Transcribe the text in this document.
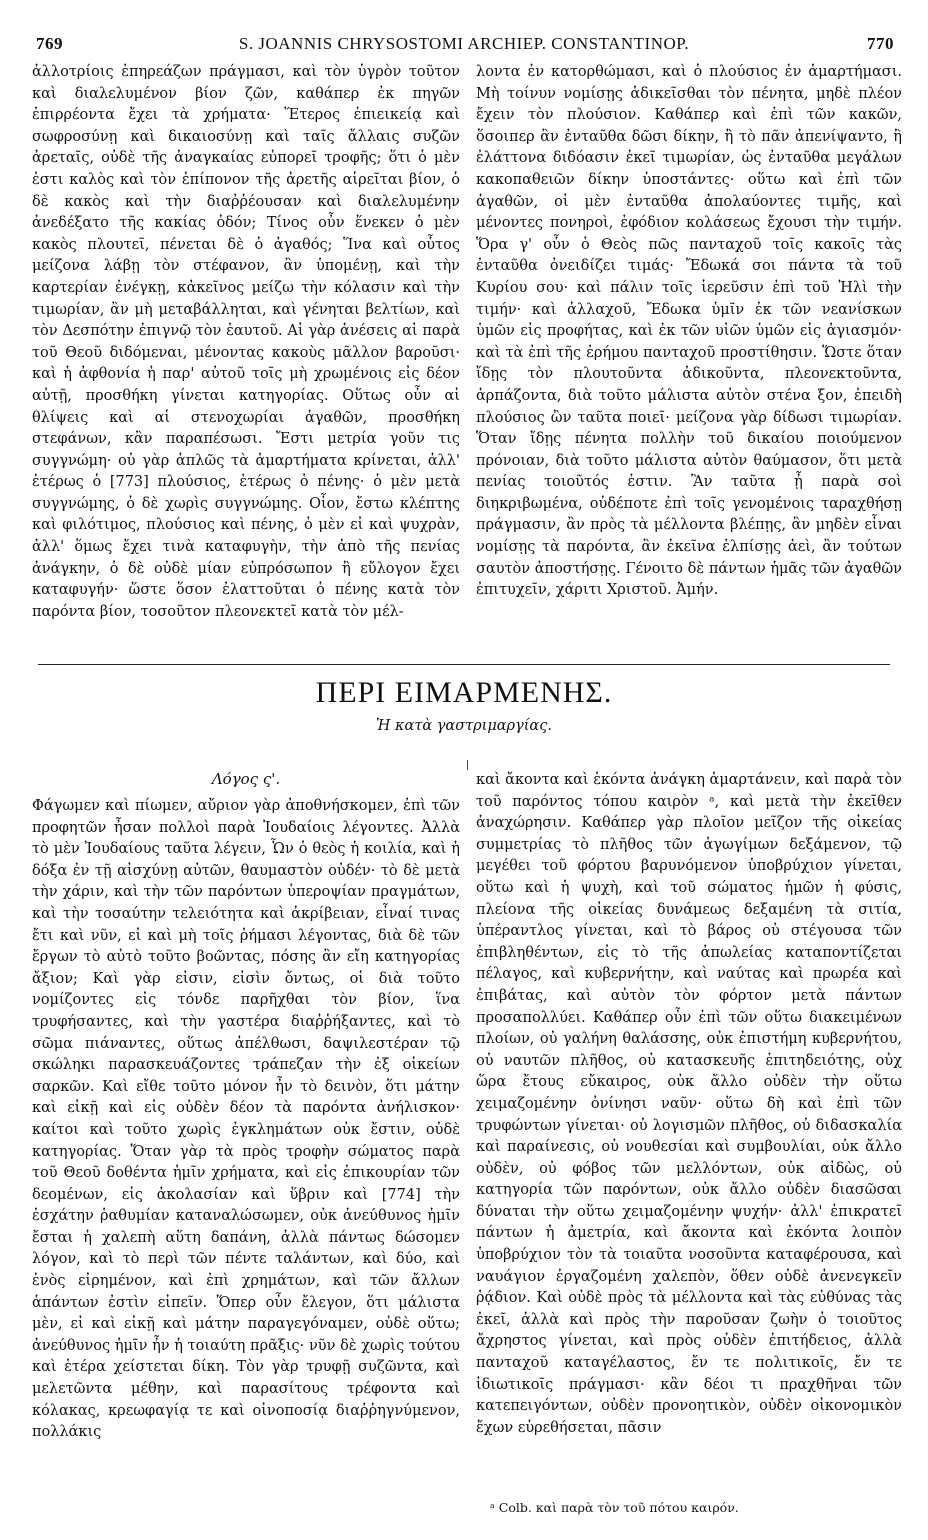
769	S. JOANNIS CHRYSOSTOMI ARCHIEP. CONSTANTINOP.	770

ἀλλοτρίοις ἐπηρεάζων πράγμασι, καὶ τὸν ὑγρὸν τοῦτον καὶ διαλελυμένον βίον ζῶν, καθάπερ ἐκ πηγῶν ἐπιρρέοντα ἔχει τὰ χρήματα· Ἕτερος ἐπιεικείᾳ καὶ σωφροσύνῃ καὶ δικαιοσύνῃ καὶ ταῖς ἄλλαις συζῶν ἀρεταῖς, οὐδὲ τῆς ἀναγκαίας εὐπορεῖ τροφῆς; ὅτι ὁ μὲν ἐστι καλὸς καὶ τὸν ἐπίπονον τῆς ἀρετῆς αἱρεῖται βίον, ὁ δὲ κακὸς καὶ τὴν διαῤῥέουσαν καὶ διαλελυμένην ἀνεδέξατο τῆς κακίας ὁδόν; Τίνος οὖν ἕνεκεν ὁ μὲν κακὸς πλουτεῖ, πένεται δὲ ὁ ἀγαθός; Ἵνα καὶ οὗτος μείζονα λάβῃ τὸν στέφανον, ἂν ὑπομένῃ, καὶ τὴν καρτερίαν ἐνέγκῃ, κἀκεῖνος μείζω τὴν κόλασιν καὶ τὴν τιμωρίαν, ἂν μὴ μεταβάλληται, καὶ γένηται βελτίων, καὶ τὸν Δεσπότην ἐπιγνῷ τὸν ἑαυτοῦ. Αἱ γὰρ ἀνέσεις αἱ παρὰ τοῦ Θεοῦ διδόμεναι, μένοντας κακοὺς μᾶλλον βαροῦσι· καὶ ἡ ἀφθονία ἡ παρ' αὐτοῦ τοῖς μὴ χρωμένοις εἰς δέον αὐτῇ, προσθήκη γίνεται κατηγορίας. Οὕτως οὖν αἱ θλίψεις καὶ αἱ στενοχωρίαι ἀγαθῶν, προσθήκη στεφάνων, κἂν παραπέσωσι. Ἔστι μετρία γοῦν τις συγγνώμη· οὐ γὰρ ἁπλῶς τὰ ἁμαρτήματα κρίνεται, ἀλλ' ἑτέρως ὁ [773] πλούσιος, ἑτέρως ὁ πένης· ὁ μὲν μετὰ συγγνώμης, ὁ δὲ χωρὶς συγγνώμης. Οἷον, ἔστω κλέπτης καὶ φιλότιμος, πλούσιος καὶ πένης, ὁ μὲν εἰ καὶ ψυχρὰν, ἀλλ' ὅμως ἔχει τινὰ καταφυγὴν, τὴν ἀπὸ τῆς πενίας ἀνάγκην, ὁ δὲ οὐδὲ μίαν εὐπρόσωπον ἢ εὔλογον ἔχει καταφυγήν· ὥστε ὅσον ἐλαττοῦται ὁ πένης κατὰ τὸν παρόντα βίον, τοσοῦτον πλεονεκτεῖ κατὰ τὸν μέλ-

λοντα ἐν κατορθώμασι, καὶ ὁ πλούσιος ἐν ἁμαρτήμασι. Μὴ τοίνυν νομίσῃς ἀδικεῖσθαι τὸν πένητα, μηδὲ πλέον ἔχειν τὸν πλούσιον. Καθάπερ καὶ ἐπὶ τῶν κακῶν, ὅσοιπερ ἂν ἐνταῦθα δῶσι δίκην, ἢ τὸ πᾶν ἀπενίψαντο, ἢ ἐλάττονα διδόασιν ἐκεῖ τιμωρίαν, ὡς ἐνταῦθα μεγάλων κακοπαθειῶν δίκην ὑποστάντες· οὕτω καὶ ἐπὶ τῶν ἀγαθῶν, οἱ μὲν ἐνταῦθα ἀπολαύοντες τιμῆς, καὶ μένοντες πονηροὶ, ἐφόδιον κολάσεως ἔχουσι τὴν τιμήν. Ὅρα γ' οὖν ὁ Θεὸς πῶς πανταχοῦ τοῖς κακοῖς τὰς ἐνταῦθα ὀνειδίζει τιμάς· Ἔδωκά σοι πάντα τὰ τοῦ Κυρίου σου· καὶ πάλιν τοῖς ἱερεῦσιν ἐπὶ τοῦ Ἠλὶ τὴν τιμήν· καὶ ἀλλαχοῦ, Ἔδωκα ὑμῖν ἐκ τῶν νεανίσκων ὑμῶν εἰς προφήτας, καὶ ἐκ τῶν υἱῶν ὑμῶν εἰς ἁγιασμόν· καὶ τὰ ἐπὶ τῆς ἐρήμου πανταχοῦ προστίθησιν. Ὥστε ὅταν ἴδῃς τὸν πλουτοῦντα ἀδικοῦντα, πλεονεκτοῦντα, ἁρπάζοντα, διὰ τοῦτο μάλιστα αὐτὸν στένα ξον, ἐπειδὴ πλούσιος ὢν ταῦτα ποιεῖ· μείζονα γὰρ δίδωσι τιμωρίαν. Ὅταν ἴδῃς πένητα πολλὴν τοῦ δικαίου ποιούμενον πρόνοιαν, διὰ τοῦτο μάλιστα αὐτὸν θαύμασον, ὅτι μετὰ πενίας τοιοῦτός ἐστιν. Ἂν ταῦτα ᾖ παρὰ σοὶ διηκριβωμένα, οὐδέποτε ἐπὶ τοῖς γενομένοις ταραχθήσῃ πράγμασιν, ἂν πρὸς τὰ μέλλοντα βλέπῃς, ἂν μηδὲν εἶναι νομίσῃς τὰ παρόντα, ἂν ἐκεῖνα ἐλπίσῃς ἀεὶ, ἂν τούτων σαυτὸν ἀποστήσῃς. Γένοιτο δὲ πάντων ἡμᾶς τῶν ἀγαθῶν ἐπιτυχεῖν, χάριτι Χριστοῦ. Ἀμήν.

ΠΕΡΙ ΕΙΜΑΡΜΕΝΗΣ.
Ἡ κατὰ γαστριμαργίας.
Λόγος ς'.

Φάγωμεν καὶ πίωμεν, αὔριον γὰρ ἀποθνήσκομεν, ἐπὶ τῶν προφητῶν ἦσαν πολλοὶ παρὰ Ἰουδαίοις λέγοντες. Ἀλλὰ τὸ μὲν Ἰουδαίους ταῦτα λέγειν, Ὧν ὁ θεὸς ἡ κοιλία, καὶ ἡ δόξα ἐν τῇ αἰσχύνῃ αὐτῶν, θαυμαστὸν οὐδέν· τὸ δὲ μετὰ τὴν χάριν, καὶ τὴν τῶν παρόντων ὑπεροψίαν πραγμάτων, καὶ τὴν τοσαύτην τελειότητα καὶ ἀκρίβειαν, εἶναί τινας ἔτι καὶ νῦν, εἰ καὶ μὴ τοῖς ῥήμασι λέγοντας, διὰ δὲ τῶν ἔργων τὸ αὐτὸ τοῦτο βοῶντας, πόσης ἂν εἴη κατηγορίας ἄξιον; Καὶ γὰρ εἰσιν, εἰσὶν ὄντως, οἱ διὰ τοῦτο νομίζοντες εἰς τόνδε παρῆχθαι τὸν βίον, ἵνα τρυφήσαντες, καὶ τὴν γαστέρα διαῤῥήξαντες, καὶ τὸ σῶμα πιάναντες, οὕτως ἀπέλθωσι, δαψιλεστέραν τῷ σκώληκι παρασκευάζοντες τράπεζαν τὴν ἐξ οἰκείων σαρκῶν. Καὶ εἴθε τοῦτο μόνον ἦν τὸ δεινὸν, ὅτι μάτην καὶ εἰκῇ καὶ εἰς οὐδὲν δέον τὰ παρόντα ἀνήλισκον· καίτοι καὶ τοῦτο χωρὶς ἐγκλημάτων οὐκ ἔστιν, οὐδὲ κατηγορίας. Ὅταν γὰρ τὰ πρὸς τροφὴν σώματος παρὰ τοῦ Θεοῦ δοθέντα ἡμῖν χρήματα, καὶ εἰς ἐπικουρίαν τῶν δεομένων, εἰς ἀκολασίαν καὶ ὕβριν καὶ [774] τὴν ἐσχάτην ῥαθυμίαν καταναλώσωμεν, οὐκ ἀνεύθυνος ἡμῖν ἔσται ἡ χαλεπὴ αὕτη δαπάνη, ἀλλὰ πάντως δώσομεν λόγον, καὶ τὸ περὶ τῶν πέντε ταλάντων, καὶ δύο, καὶ ἑνὸς εἰρημένον, καὶ ἐπὶ χρημάτων, καὶ τῶν ἄλλων ἁπάντων ἐστὶν εἰπεῖν. Ὅπερ οὖν ἔλεγον, ὅτι μάλιστα μὲν, εἰ καὶ εἰκῇ καὶ μάτην παραγεγόναμεν, οὐδὲ οὕτω; ἀνεύθυνος ἡμῖν ἦν ἡ τοιαύτη πρᾶξις· νῦν δὲ χωρὶς τούτου καὶ ἑτέρα χείστεται δίκη. Τὸν γὰρ τρυφῇ συζῶντα, καὶ μελετῶντα μέθην, καὶ παρασίτους τρέφοντα καὶ κόλακας, κρεωφαγίᾳ τε καὶ οἰνοποσίᾳ διαῤῥηγνύμενον, πολλάκις

καὶ ἄκοντα καὶ ἑκόντα ἀνάγκη ἁμαρτάνειν, καὶ παρὰ τὸν τοῦ παρόντος τόπου καιρὸν ᵃ, καὶ μετὰ τὴν ἐκεῖθεν ἀναχώρησιν. Καθάπερ γὰρ πλοῖον μεῖζον τῆς οἰκείας συμμετρίας τὸ πλῆθος τῶν ἀγωγίμων δεξάμενον, τῷ μεγέθει τοῦ φόρτου βαρυνόμενον ὑποβρύχιον γίνεται, οὕτω καὶ ἡ ψυχὴ, καὶ τοῦ σώματος ἡμῶν ἡ φύσις, πλείονα τῆς οἰκείας δυνάμεως δεξαμένη τὰ σιτία, ὑπέραντλος γίνεται, καὶ τὸ βάρος οὐ στέγουσα τῶν ἐπιβληθέντων, εἰς τὸ τῆς ἀπωλείας καταποντίζεται πέλαγος, καὶ κυβερνήτην, καὶ ναύτας καὶ πρωρέα καὶ ἐπιβάτας, καὶ αὐτὸν τὸν φόρτον μετὰ πάντων προσαπολλύει. Καθάπερ οὖν ἐπὶ τῶν οὕτω διακειμένων πλοίων, οὐ γαλήνη θαλάσσης, οὐκ ἐπιστήμη κυβερνήτου, οὐ ναυτῶν πλῆθος, οὐ κατασκευῆς ἐπιτηδειότης, οὐχ ὥρα ἔτους εὔκαιρος, οὐκ ἄλλο οὐδὲν τὴν οὕτω χειμαζομένην ὀνίνησι ναῦν· οὕτω δὴ καὶ ἐπὶ τῶν τρυφώντων γίνεται· οὐ λογισμῶν πλῆθος, οὐ διδασκαλία καὶ παραίνεσις, οὐ νουθεσίαι καὶ συμβουλίαι, οὐκ ἄλλο οὐδὲν, οὐ φόβος τῶν μελλόντων, οὐκ αἰδὼς, οὐ κατηγορία τῶν παρόντων, οὐκ ἄλλο οὐδὲν διασῶσαι δύναται τὴν οὕτω χειμαζομένην ψυχήν· ἀλλ' ἐπικρατεῖ πάντων ἡ ἀμετρία, καὶ ἄκοντα καὶ ἑκόντα λοιπὸν ὑποβρύχιον τὸν τὰ τοιαῦτα νοσοῦντα καταφέρουσα, καὶ ναυάγιον ἐργαζομένη χαλεπὸν, ὅθεν οὐδὲ ἀνενεγκεῖν ῥᾴδιον. Καὶ οὐδὲ πρὸς τὰ μέλλοντα καὶ τὰς εὐθύνας τὰς ἐκεῖ, ἀλλὰ καὶ πρὸς τὴν παροῦσαν ζωὴν ὁ τοιοῦτος ἄχρηστος γίνεται, καὶ πρὸς οὐδὲν ἐπιτήδειος, ἀλλὰ πανταχοῦ καταγέλαστος, ἔν τε πολιτικοῖς, ἔν τε ἰδιωτικοῖς πράγμασι· κἂν δέοι τι πραχθῆναι τῶν κατεπειγόντων, οὐδὲν προνοητικὸν, οὐδὲν οἰκονομικὸν ἔχων εὑρεθήσεται, πᾶσιν

ᵃ Colb. καὶ παρὰ τὸν τοῦ πότου καιρόν.
